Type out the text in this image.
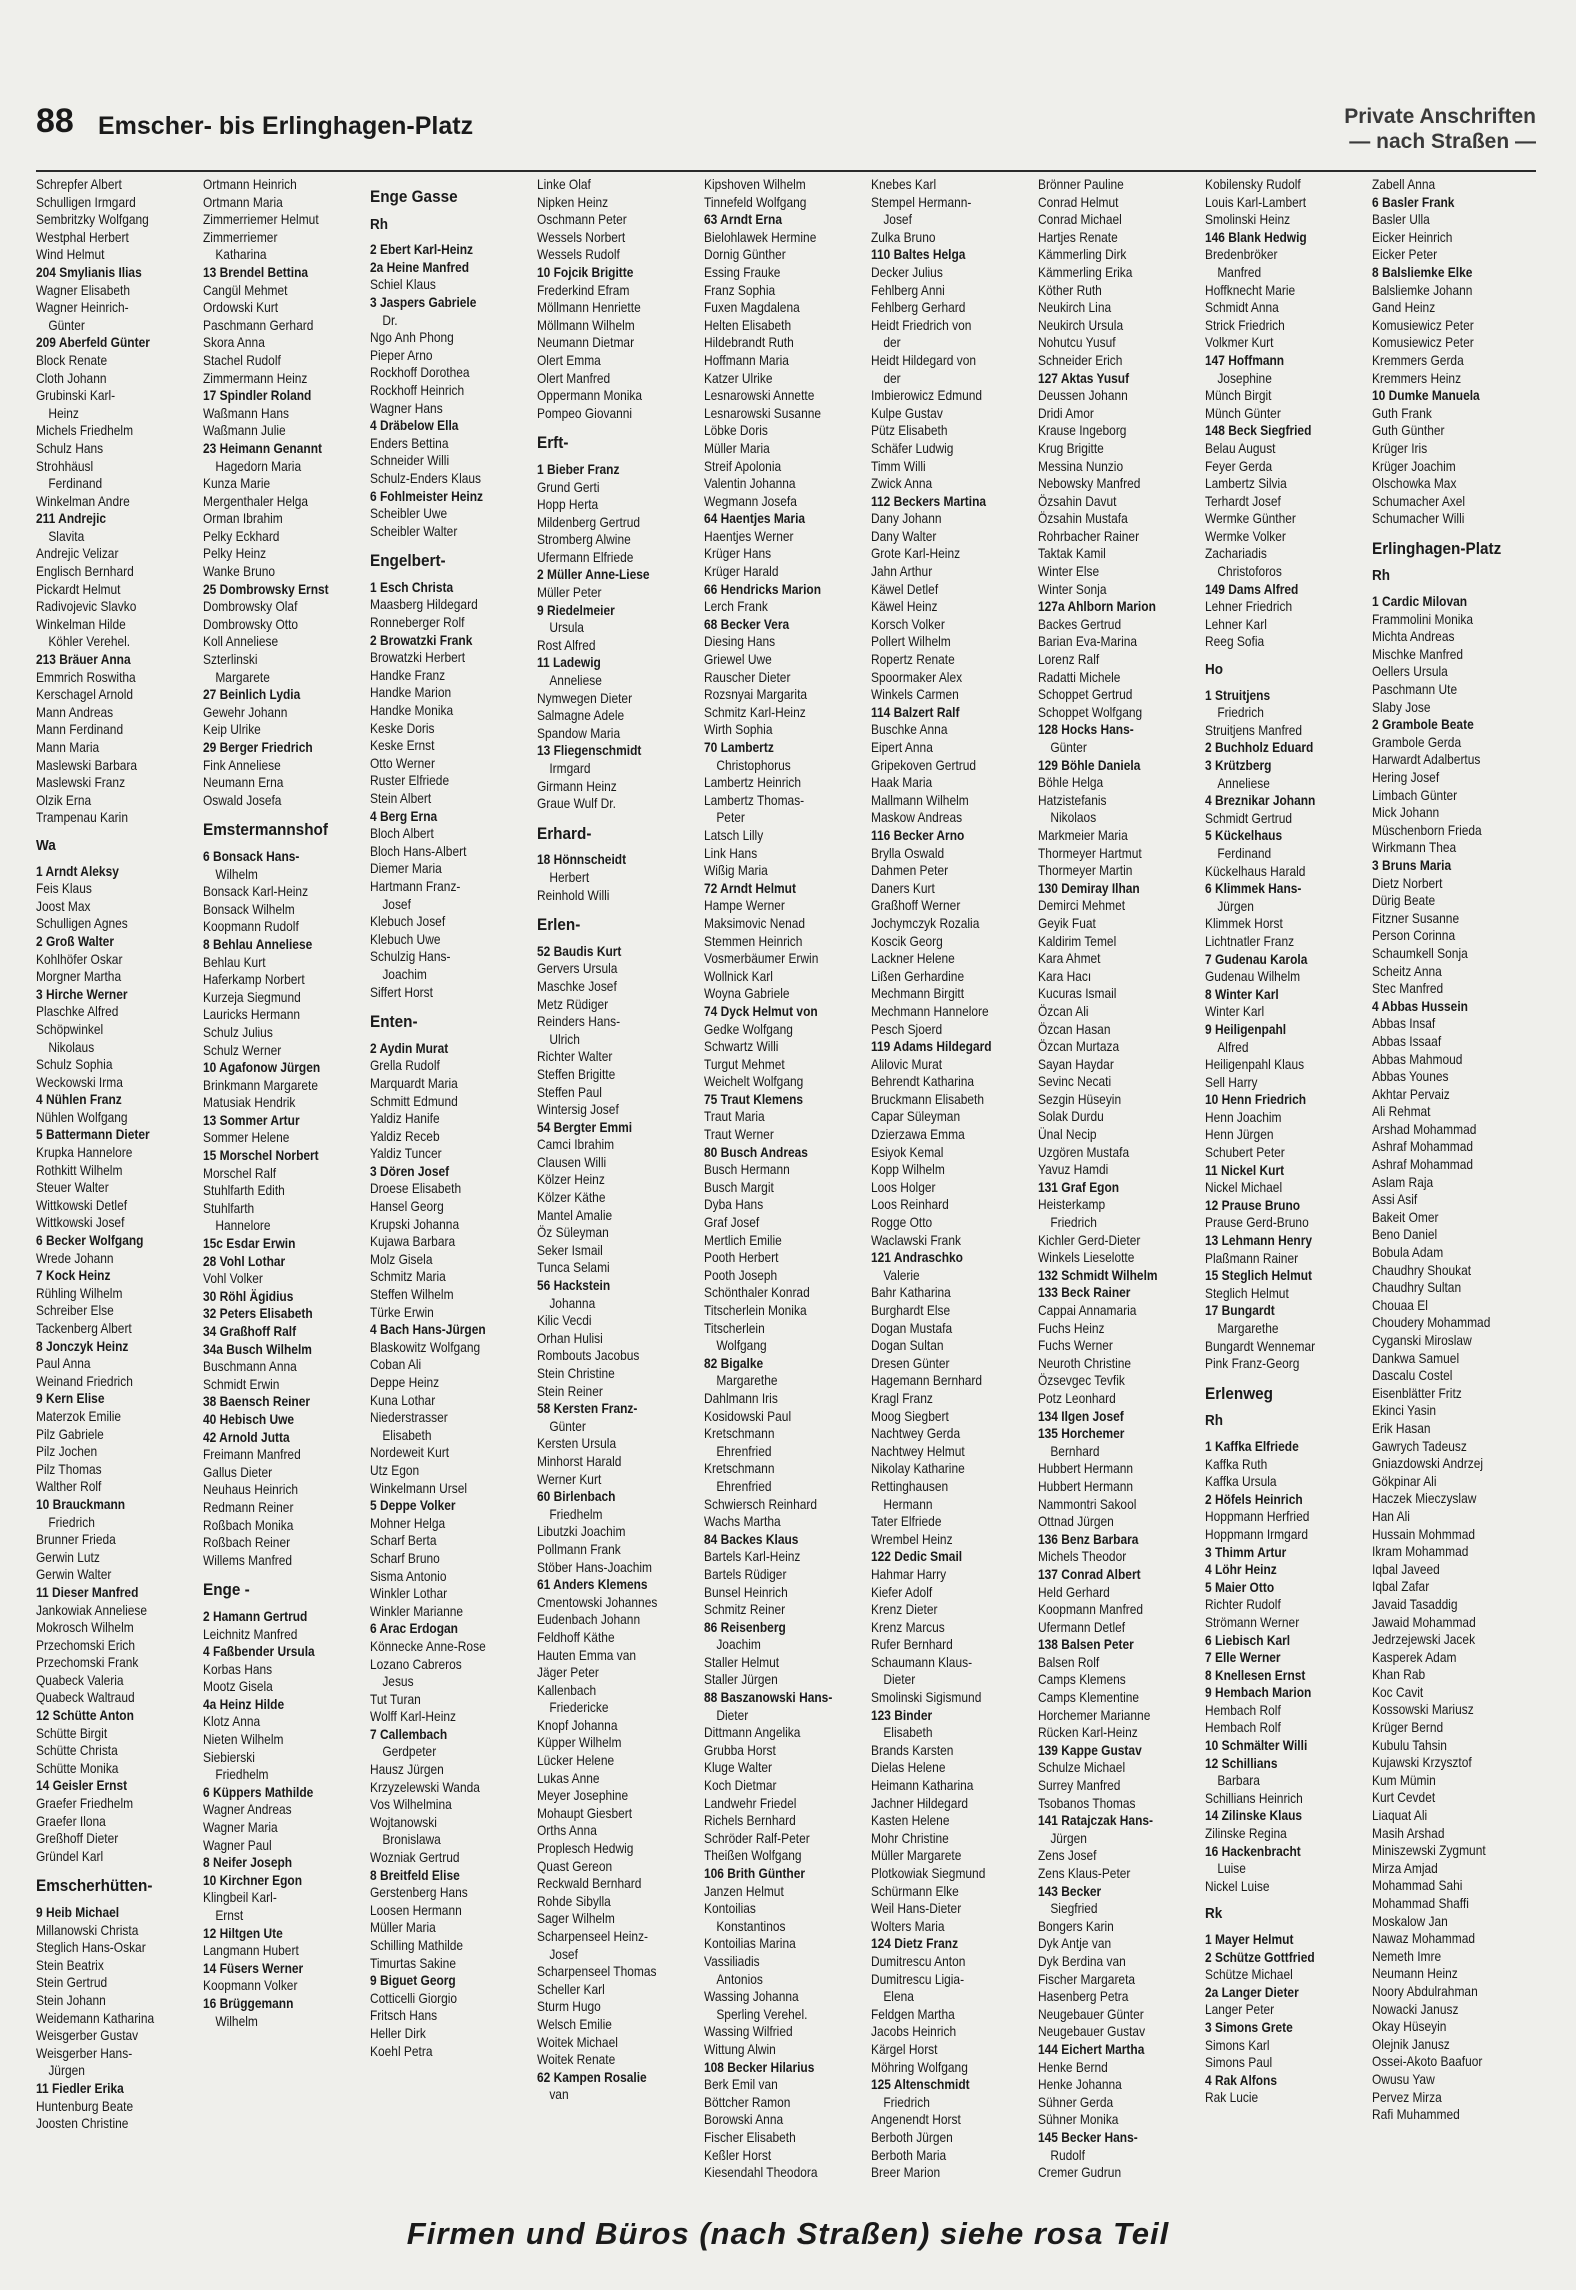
88 Emscher- bis Erlinghagen-Platz	Private Anschriften
— nach Straßen —
Schrepfer Albert
Schulligen Irmgard
Sembritzky Wolfgang
Westphal Herbert
Wind Helmut
204 Smylianis Ilias
Wagner Elisabeth
Wagner Heinrich-
Günter
209 Aberfeld Günter
Block Renate
Cloth Johann
Grubinski Karl-
Heinz
Michels Friedhelm
Schulz Hans
Strohhäusl
Ferdinand
Winkelman Andre
211 Andrejic
Slavita
Andrejic Velizar
Englisch Bernhard
Pickardt Helmut
Radivojevic Slavko
Winkelman Hilde
Köhler Verehel.
213 Bräuer Anna
Emmrich Roswitha
Kerschagel Arnold
Mann Andreas
Mann Ferdinand
Mann Maria
Maslewski Barbara
Maslewski Franz
Olzik Erna
Trampenau Karin
Wa
1 Arndt Aleksy
Feis Klaus
Joost Max
Schulligen Agnes
2 Groß Walter
Kohlhöfer Oskar
Morgner Martha
3 Hirche Werner
Plaschke Alfred
Schöpwinkel
Nikolaus
Schulz Sophia
Weckowski Irma
4 Nühlen Franz
Nühlen Wolfgang
5 Battermann Dieter
Krupka Hannelore
Rothkitt Wilhelm
Steuer Walter
Wittkowski Detlef
Wittkowski Josef
6 Becker Wolfgang
Wrede Johann
7 Kock Heinz
Rühling Wilhelm
Schreiber Else
Tackenberg Albert
8 Jonczyk Heinz
Paul Anna
Weinand Friedrich
9 Kern Elise
Materzok Emilie
Pilz Gabriele
Pilz Jochen
Pilz Thomas
Walther Rolf
10 Brauckmann
Friedrich
Brunner Frieda
Gerwin Lutz
Gerwin Walter
11 Dieser Manfred
Jankowiak Anneliese
Mokrosch Wilhelm
Przechomski Erich
Przechomski Frank
Quabeck Valeria
Quabeck Waltraud
12 Schütte Anton
Schütte Birgit
Schütte Christa
Schütte Monika
14 Geisler Ernst
Graefer Friedhelm
Graefer Ilona
Greßhoff Dieter
Gründel Karl
Emscherhütten-
9 Heib Michael
Millanowski Christa
Steglich Hans-Oskar
Stein Beatrix
Stein Gertrud
Stein Johann
Weidemann Katharina
Weisgerber Gustav
Weisgerber Hans-
Jürgen
11 Fiedler Erika
Huntenburg Beate
Joosten Christine
Ortmann Heinrich
Ortmann Maria
Zimmerriemer Helmut
Zimmerriemer
Katharina
13 Brendel Bettina
Cangül Mehmet
Ordowski Kurt
Paschmann Gerhard
Skora Anna
Stachel Rudolf
Zimmermann Heinz
17 Spindler Roland
Waßmann Hans
Waßmann Julie
23 Heimann Genannt
Hagedorn Maria
Kunza Marie
Mergenthaler Helga
Orman Ibrahim
Pelky Eckhard
Pelky Heinz
Wanke Bruno
25 Dombrowsky Ernst
Dombrowsky Olaf
Dombrowsky Otto
Koll Anneliese
Szterlinski
Margarete
27 Beinlich Lydia
Gewehr Johann
Keip Ulrike
29 Berger Friedrich
Fink Anneliese
Neumann Erna
Oswald Josefa
Emstermannshof
6 Bonsack Hans-
Wilhelm
Bonsack Karl-Heinz
Bonsack Wilhelm
Koopmann Rudolf
8 Behlau Anneliese
Behlau Kurt
Haferkamp Norbert
Kurzeja Siegmund
Lauricks Hermann
Schulz Julius
Schulz Werner
10 Agafonow Jürgen
Brinkmann Margarete
Matusiak Hendrik
13 Sommer Artur
Sommer Helene
15 Morschel Norbert
Morschel Ralf
Stuhlfarth Edith
Stuhlfarth
Hannelore
15c Esdar Erwin
28 Vohl Lothar
Vohl Volker
30 Röhl Ägidius
32 Peters Elisabeth
34 Graßhoff Ralf
34a Busch Wilhelm
Buschmann Anna
Schmidt Erwin
38 Baensch Reiner
40 Hebisch Uwe
42 Arnold Jutta
Freimann Manfred
Gallus Dieter
Neuhaus Heinrich
Redmann Reiner
Roßbach Monika
Roßbach Reiner
Willems Manfred
Enge -
2 Hamann Gertrud
Leichnitz Manfred
4 Faßbender Ursula
Korbas Hans
Mootz Gisela
4a Heinz Hilde
Klotz Anna
Nieten Wilhelm
Siebierski
Friedhelm
6 Küppers Mathilde
Wagner Andreas
Wagner Maria
Wagner Paul
8 Neifer Joseph
10 Kirchner Egon
Klingbeil Karl-
Ernst
12 Hiltgen Ute
Langmann Hubert
14 Füsers Werner
Koopmann Volker
16 Brüggemann
Wilhelm
Enge Gasse
Rh
2 Ebert Karl-Heinz
2a Heine Manfred
Schiel Klaus
3 Jaspers Gabriele
Dr.
Ngo Anh Phong
Pieper Arno
Rockhoff Dorothea
Rockhoff Heinrich
Wagner Hans
4 Dräbelow Ella
Enders Bettina
Schneider Willi
Schulz-Enders Klaus
6 Fohlmeister Heinz
Scheibler Uwe
Scheibler Walter
Engelbert-
1 Esch Christa
Maasberg Hildegard
Ronneberger Rolf
2 Browatzki Frank
Browatzki Herbert
Handke Franz
Handke Marion
Handke Monika
Keske Doris
Keske Ernst
Otto Werner
Ruster Elfriede
Stein Albert
4 Berg Erna
Bloch Albert
Bloch Hans-Albert
Diemer Maria
Hartmann Franz-
Josef
Klebuch Josef
Klebuch Uwe
Schulzig Hans-
Joachim
Siffert Horst
Enten-
2 Aydin Murat
Grella Rudolf
Marquardt Maria
Schmitt Edmund
Yaldiz Hanife
Yaldiz Receb
Yaldiz Tuncer
3 Dören Josef
Droese Elisabeth
Hansel Georg
Krupski Johanna
Kujawa Barbara
Molz Gisela
Schmitz Maria
Steffen Wilhelm
Türke Erwin
4 Bach Hans-Jürgen
Blaskowitz Wolfgang
Coban Ali
Deppe Heinz
Kuna Lothar
Niederstrasser
Elisabeth
Nordeweit Kurt
Utz Egon
Winkelmann Ursel
5 Deppe Volker
Mohner Helga
Scharf Berta
Scharf Bruno
Sisma Antonio
Winkler Lothar
Winkler Marianne
6 Arac Erdogan
Könnecke Anne-Rose
Lozano Cabreros
Jesus
Tut Turan
Wolff Karl-Heinz
7 Callembach
Gerdpeter
Hausz Jürgen
Krzyzelewski Wanda
Vos Wilhelmina
Wojtanowski
Bronislawa
Wozniak Gertrud
8 Breitfeld Elise
Gerstenberg Hans
Loosen Hermann
Müller Maria
Schilling Mathilde
Timurtas Sakine
9 Biguet Georg
Cotticelli Giorgio
Fritsch Hans
Heller Dirk
Koehl Petra
Linke Olaf
Nipken Heinz
Oschmann Peter
Wessels Norbert
Wessels Rudolf
10 Fojcik Brigitte
Frederkind Efram
Möllmann Henriette
Möllmann Wilhelm
Neumann Dietmar
Olert Emma
Olert Manfred
Oppermann Monika
Pompeo Giovanni
Erft-
1 Bieber Franz
Grund Gerti
Hopp Herta
Mildenberg Gertrud
Stromberg Alwine
Ufermann Elfriede
2 Müller Anne-Liese
Müller Peter
9 Riedelmeier
Ursula
Rost Alfred
11 Ladewig
Anneliese
Nymwegen Dieter
Salmagne Adele
Spandow Maria
13 Fliegenschmidt
Irmgard
Girmann Heinz
Graue Wulf Dr.
Erhard-
18 Hönnscheidt
Herbert
Reinhold Willi
Erlen-
52 Baudis Kurt
Gervers Ursula
Maschke Josef
Metz Rüdiger
Reinders Hans-
Ulrich
Richter Walter
Steffen Brigitte
Steffen Paul
Wintersig Josef
54 Bergter Emmi
Camci Ibrahim
Clausen Willi
Kölzer Heinz
Kölzer Käthe
Mantel Amalie
Öz Süleyman
Seker Ismail
Tunca Selami
56 Hackstein
Johanna
Kilic Vecdi
Orhan Hulisi
Rombouts Jacobus
Stein Christine
Stein Reiner
58 Kersten Franz-
Günter
Kersten Ursula
Minhorst Harald
Werner Kurt
60 Birlenbach
Friedhelm
Libutzki Joachim
Pollmann Frank
Stöber Hans-Joachim
61 Anders Klemens
Cmentowski Johannes
Eudenbach Johann
Feldhoff Käthe
Hauten Emma van
Jäger Peter
Kallenbach
Friedericke
Knopf Johanna
Küpper Wilhelm
Lücker Helene
Lukas Anne
Meyer Josephine
Mohaupt Giesbert
Orths Anna
Proplesch Hedwig
Quast Gereon
Reckwald Bernhard
Rohde Sibylla
Sager Wilhelm
Scharpenseel Heinz-
Josef
Scharpenseel Thomas
Scheller Karl
Sturm Hugo
Welsch Emilie
Woitek Michael
Woitek Renate
62 Kampen Rosalie
van
Kipshoven Wilhelm
Tinnefeld Wolfgang
63 Arndt Erna
Bielohlawek Hermine
Dornig Günther
Essing Frauke
Franz Sophia
Fuxen Magdalena
Helten Elisabeth
Hildebrandt Ruth
Hoffmann Maria
Katzer Ulrike
Lesnarowski Annette
Lesnarowski Susanne
Löbke Doris
Müller Maria
Streif Apolonia
Valentin Johanna
Wegmann Josefa
64 Haentjes Maria
Haentjes Werner
Krüger Hans
Krüger Harald
66 Hendricks Marion
Lerch Frank
68 Becker Vera
Diesing Hans
Griewel Uwe
Rauscher Dieter
Rozsnyai Margarita
Schmitz Karl-Heinz
Wirth Sophia
70 Lambertz
Christophorus
Lambertz Heinrich
Lambertz Thomas-
Peter
Latsch Lilly
Link Hans
Wißig Maria
72 Arndt Helmut
Hampe Werner
Maksimovic Nenad
Stemmen Heinrich
Vosmerbäumer Erwin
Wollnick Karl
Woyna Gabriele
74 Dyck Helmut von
Gedke Wolfgang
Schwartz Willi
Turgut Mehmet
Weichelt Wolfgang
75 Traut Klemens
Traut Maria
Traut Werner
80 Busch Andreas
Busch Hermann
Busch Margit
Dyba Hans
Graf Josef
Mertlich Emilie
Pooth Herbert
Pooth Joseph
Schönthaler Konrad
Titscherlein Monika
Titscherlein
Wolfgang
82 Bigalke
Margarethe
Dahlmann Iris
Kosidowski Paul
Kretschmann
Ehrenfried
Kretschmann
Ehrenfried
Schwiersch Reinhard
Wachs Martha
84 Backes Klaus
Bartels Karl-Heinz
Bartels Rüdiger
Bunsel Heinrich
Schmitz Reiner
86 Reisenberg
Joachim
Staller Helmut
Staller Jürgen
88 Baszanowski Hans-
Dieter
Dittmann Angelika
Grubba Horst
Kluge Walter
Koch Dietmar
Landwehr Friedel
Richels Bernhard
Schröder Ralf-Peter
Theißen Wolfgang
106 Brith Günther
Janzen Helmut
Kontoilias
Konstantinos
Kontoilias Marina
Vassiliadis
Antonios
Wassing Johanna
Sperling Verehel.
Wassing Wilfried
Wittung Alwin
108 Becker Hilarius
Berk Emil van
Böttcher Ramon
Borowski Anna
Fischer Elisabeth
Keßler Horst
Kiesendahl Theodora
Knebes Karl
Stempel Hermann-
Josef
Zulka Bruno
110 Baltes Helga
Decker Julius
Fehlberg Anni
Fehlberg Gerhard
Heidt Friedrich von
der
Heidt Hildegard von
der
Imbierowicz Edmund
Kulpe Gustav
Pütz Elisabeth
Schäfer Ludwig
Timm Willi
Zwick Anna
112 Beckers Martina
Dany Johann
Dany Walter
Grote Karl-Heinz
Jahn Arthur
Käwel Detlef
Käwel Heinz
Korsch Volker
Pollert Wilhelm
Ropertz Renate
Spoormaker Alex
Winkels Carmen
114 Balzert Ralf
Buschke Anna
Eipert Anna
Gripekoven Gertrud
Haak Maria
Mallmann Wilhelm
Maskow Andreas
116 Becker Arno
Brylla Oswald
Dahmen Peter
Daners Kurt
Graßhoff Werner
Jochymczyk Rozalia
Koscik Georg
Lackner Helene
Lißen Gerhardine
Mechmann Birgitt
Mechmann Hannelore
Pesch Sjoerd
119 Adams Hildegard
Alilovic Murat
Behrendt Katharina
Bruckmann Elisabeth
Capar Süleyman
Dzierzawa Emma
Esiyok Kemal
Kopp Wilhelm
Loos Holger
Loos Reinhard
Rogge Otto
Waclawski Frank
121 Andraschko
Valerie
Bahr Katharina
Burghardt Else
Dogan Mustafa
Dogan Sultan
Dresen Günter
Hagemann Bernhard
Kragl Franz
Moog Siegbert
Nachtwey Gerda
Nachtwey Helmut
Nikolay Katharine
Rettinghausen
Hermann
Tater Elfriede
Wrembel Heinz
122 Dedic Smail
Hahmar Harry
Kiefer Adolf
Krenz Dieter
Krenz Marcus
Rufer Bernhard
Schaumann Klaus-
Dieter
Smolinski Sigismund
123 Binder
Elisabeth
Brands Karsten
Dielas Helene
Heimann Katharina
Jachner Hildegard
Kasten Helene
Mohr Christine
Müller Margarete
Plotkowiak Siegmund
Schürmann Elke
Weil Hans-Dieter
Wolters Maria
124 Dietz Franz
Dumitrescu Anton
Dumitrescu Ligia-
Elena
Feldgen Martha
Jacobs Heinrich
Kärgel Horst
Möhring Wolfgang
125 Altenschmidt
Friedrich
Angenendt Horst
Berboth Jürgen
Berboth Maria
Breer Marion
Brönner Pauline
Conrad Helmut
Conrad Michael
Hartjes Renate
Kämmerling Dirk
Kämmerling Erika
Köther Ruth
Neukirch Lina
Neukirch Ursula
Nohutcu Yusuf
Schneider Erich
127 Aktas Yusuf
Deussen Johann
Dridi Amor
Krause Ingeborg
Krug Brigitte
Messina Nunzio
Nebowsky Manfred
Özsahin Davut
Özsahin Mustafa
Rohrbacher Rainer
Taktak Kamil
Winter Else
Winter Sonja
127a Ahlborn Marion
Backes Gertrud
Barian Eva-Marina
Lorenz Ralf
Radatti Michele
Schoppet Gertrud
Schoppet Wolfgang
128 Hocks Hans-
Günter
129 Böhle Daniela
Böhle Helga
Hatzistefanis
Nikolaos
Markmeier Maria
Thormeyer Hartmut
Thormeyer Martin
130 Demiray Ilhan
Demirci Mehmet
Geyik Fuat
Kaldirim Temel
Kara Ahmet
Kara Hacı
Kucuras Ismail
Özcan Ali
Özcan Hasan
Özcan Murtaza
Sayan Haydar
Sevinc Necati
Sezgin Hüseyin
Solak Durdu
Ünal Necip
Uzgören Mustafa
Yavuz Hamdi
131 Graf Egon
Heisterkamp
Friedrich
Kichler Gerd-Dieter
Winkels Lieselotte
132 Schmidt Wilhelm
133 Beck Rainer
Cappai Annamaria
Fuchs Heinz
Fuchs Werner
Neuroth Christine
Özsevgec Tevfik
Potz Leonhard
134 Ilgen Josef
135 Horchemer
Bernhard
Hubbert Hermann
Hubbert Hermann
Nammontri Sakool
Ottnad Jürgen
136 Benz Barbara
Michels Theodor
137 Conrad Albert
Held Gerhard
Koopmann Manfred
Ufermann Detlef
138 Balsen Peter
Balsen Rolf
Camps Klemens
Camps Klementine
Horchemer Marianne
Rücken Karl-Heinz
139 Kappe Gustav
Schulze Michael
Surrey Manfred
Tsobanos Thomas
141 Ratajczak Hans-
Jürgen
Zens Josef
Zens Klaus-Peter
143 Becker
Siegfried
Bongers Karin
Dyk Antje van
Dyk Berdina van
Fischer Margareta
Hasenberg Petra
Neugebauer Günter
Neugebauer Gustav
144 Eichert Martha
Henke Bernd
Henke Johanna
Sühner Gerda
Sühner Monika
145 Becker Hans-
Rudolf
Cremer Gudrun
Kobilensky Rudolf
Louis Karl-Lambert
Smolinski Heinz
146 Blank Hedwig
Bredenbröker
Manfred
Hoffknecht Marie
Schmidt Anna
Strick Friedrich
Volkmer Kurt
147 Hoffmann
Josephine
Münch Birgit
Münch Günter
148 Beck Siegfried
Belau August
Feyer Gerda
Lambertz Silvia
Terhardt Josef
Wermke Günther
Wermke Volker
Zachariadis
Christoforos
149 Dams Alfred
Lehner Friedrich
Lehner Karl
Reeg Sofia
Ho
1 Struitjens
Friedrich
Struitjens Manfred
2 Buchholz Eduard
3 Krützberg
Anneliese
4 Breznikar Johann
Schmidt Gertrud
5 Kückelhaus
Ferdinand
Kückelhaus Harald
6 Klimmek Hans-
Jürgen
Klimmek Horst
Lichtnatler Franz
7 Gudenau Karola
Gudenau Wilhelm
8 Winter Karl
Winter Karl
9 Heiligenpahl
Alfred
Heiligenpahl Klaus
Sell Harry
10 Henn Friedrich
Henn Joachim
Henn Jürgen
Schubert Peter
11 Nickel Kurt
Nickel Michael
12 Prause Bruno
Prause Gerd-Bruno
13 Lehmann Henry
Plaßmann Rainer
15 Steglich Helmut
Steglich Helmut
17 Bungardt
Margarethe
Bungardt Wennemar
Pink Franz-Georg
Erlenweg
Rh
1 Kaffka Elfriede
Kaffka Ruth
Kaffka Ursula
2 Höfels Heinrich
Hoppmann Herfried
Hoppmann Irmgard
3 Thimm Artur
4 Löhr Heinz
5 Maier Otto
Richter Rudolf
Strömann Werner
6 Liebisch Karl
7 Elle Werner
8 Knellesen Ernst
9 Hembach Marion
Hembach Rolf
Hembach Rolf
10 Schmälter Willi
12 Schillians
Barbara
Schillians Heinrich
14 Zilinske Klaus
Zilinske Regina
16 Hackenbracht
Luise
Nickel Luise
Rk
1 Mayer Helmut
2 Schütze Gottfried
Schütze Michael
2a Langer Dieter
Langer Peter
3 Simons Grete
Simons Karl
Simons Paul
4 Rak Alfons
Rak Lucie
Zabell Anna
6 Basler Frank
Basler Ulla
Eicker Heinrich
Eicker Peter
8 Balsliemke Elke
Balsliemke Johann
Gand Heinz
Komusiewicz Peter
Komusiewicz Peter
Kremmers Gerda
Kremmers Heinz
10 Dumke Manuela
Guth Frank
Guth Günther
Krüger Iris
Krüger Joachim
Olschowka Max
Schumacher Axel
Schumacher Willi
Erlinghagen-Platz
Rh
1 Cardic Milovan
Frammolini Monika
Michta Andreas
Mischke Manfred
Oellers Ursula
Paschmann Ute
Slaby Jose
2 Grambole Beate
Grambole Gerda
Harwardt Adalbertus
Hering Josef
Limbach Günter
Mick Johann
Müschenborn Frieda
Wirkmann Thea
3 Bruns Maria
Dietz Norbert
Dürig Beate
Fitzner Susanne
Person Corinna
Schaumkell Sonja
Scheitz Anna
Stec Manfred
4 Abbas Hussein
Abbas Insaf
Abbas Issaaf
Abbas Mahmoud
Abbas Younes
Akhtar Pervaiz
Ali Rehmat
Arshad Mohammad
Ashraf Mohammad
Ashraf Mohammad
Aslam Raja
Assi Asif
Bakeit Omer
Beno Daniel
Bobula Adam
Chaudhry Shoukat
Chaudhry Sultan
Chouaa El
Choudery Mohammad
Cyganski Miroslaw
Dankwa Samuel
Dascalu Costel
Eisenblätter Fritz
Ekinci Yasin
Erik Hasan
Gawrych Tadeusz
Gniazdowski Andrzej
Gökpinar Ali
Haczek Mieczyslaw
Han Ali
Hussain Mohmmad
Ikram Mohammad
Iqbal Javeed
Iqbal Zafar
Javaid Tasaddig
Jawaid Mohammad
Jedrzejewski Jacek
Kasperek Adam
Khan Rab
Koc Cavit
Kossowski Mariusz
Krüger Bernd
Kubulu Tahsin
Kujawski Krzysztof
Kum Mümin
Kurt Cevdet
Liaquat Ali
Masih Arshad
Miniszewski Zygmunt
Mirza Amjad
Mohammad Sahi
Mohammad Shaffi
Moskalow Jan
Nawaz Mohammad
Nemeth Imre
Neumann Heinz
Noory Abdulrahman
Nowacki Janusz
Okay Hüseyin
Olejnik Janusz
Ossei-Akoto Baafuor
Owusu Yaw
Pervez Mirza
Rafi Muhammed
Firmen und Büros (nach Straßen) siehe rosa Teil
